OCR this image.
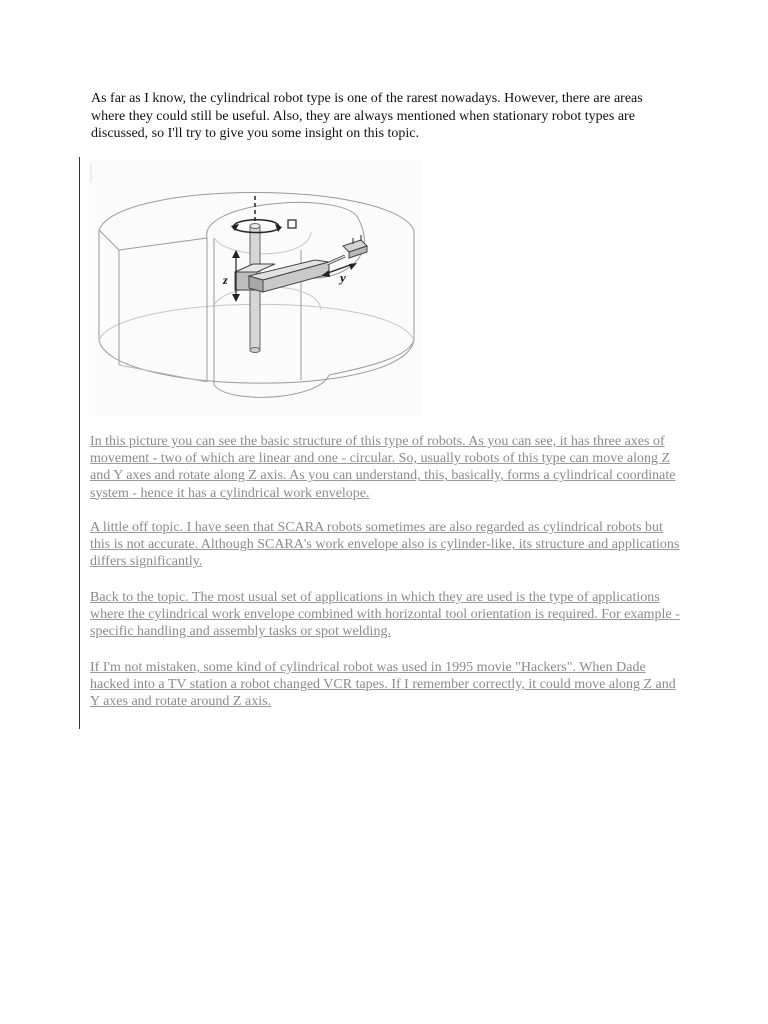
As far as I know, the cylindrical robot type is one of the rarest nowadays. However, there are areas where they could still be useful. Also, they are always mentioned when stationary robot types are discussed, so I'll try to give you some insight on this topic.

z	y

In this picture you can see the basic structure of this type of robots. As you can see, it has three axes of movement - two of which are linear and one - circular. So, usually robots of this type can move along Z and Y axes and rotate along Z axis. As you can understand, this, basically, forms a cylindrical coordinate system - hence it has a cylindrical work envelope.

A little off topic. I have seen that SCARA robots sometimes are also regarded as cylindrical robots but this is not accurate. Although SCARA's work envelope also is cylinder-like, its structure and applications differs significantly.

Back to the topic. The most usual set of applications in which they are used is the type of applications where the cylindrical work envelope combined with horizontal tool orientation is required. For example - specific handling and assembly tasks or spot welding.

If I'm not mistaken, some kind of cylindrical robot was used in 1995 movie "Hackers". When Dade hacked into a TV station a robot changed VCR tapes. If I remember correctly, it could move along Z and Y axes and rotate around Z axis.
